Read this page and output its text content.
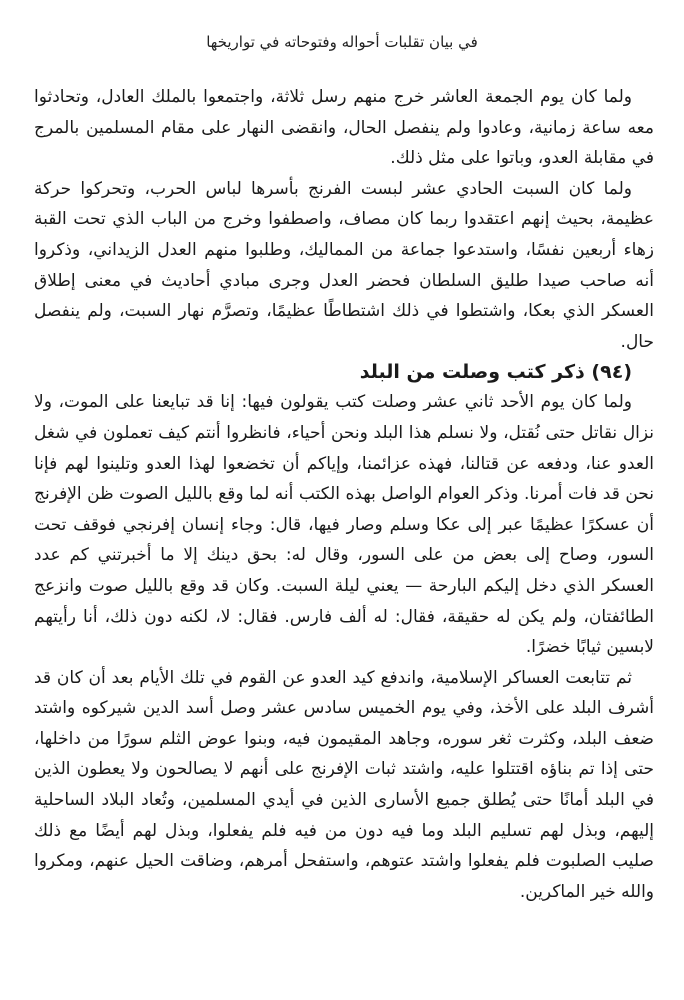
في بيان تقلبات أحواله وفتوحاته في تواريخها

ولما كان يوم الجمعة العاشر خرج منهم رسل ثلاثة، واجتمعوا بالملك العادل، وتحادثوا معه ساعة زمانية، وعادوا ولم ينفصل الحال، وانقضى النهار على مقام المسلمين بالمرج في مقابلة العدو، وباتوا على مثل ذلك.

ولما كان السبت الحادي عشر لبست الفرنج بأسرها لباس الحرب، وتحركوا حركة عظيمة، بحيث إنهم اعتقدوا ربما كان مصاف، واصطفوا وخرج من الباب الذي تحت القبة زهاء أربعين نفسًا، واستدعوا جماعة من المماليك، وطلبوا منهم العدل الزيداني، وذكروا أنه صاحب صيدا طليق السلطان فحضر العدل وجرى مبادي أحاديث في معنى إطلاق العسكر الذي بعكا، واشتطوا في ذلك اشتطاطًا عظيمًا، وتصرَّم نهار السبت، ولم ينفصل حال.

(٩٤) ذكر كتب وصلت من البلد

ولما كان يوم الأحد ثاني عشر وصلت كتب يقولون فيها: إنا قد تبايعنا على الموت، ولا نزال نقاتل حتى نُقتل، ولا نسلم هذا البلد ونحن أحياء، فانظروا أنتم كيف تعملون في شغل العدو عنا، ودفعه عن قتالنا، فهذه عزائمنا، وإياكم أن تخضعوا لهذا العدو وتلينوا لهم فإنا نحن قد فات أمرنا. وذكر العوام الواصل بهذه الكتب أنه لما وقع بالليل الصوت ظن الإفرنج أن عسكرًا عظيمًا عبر إلى عكا وسلم وصار فيها، قال: وجاء إنسان إفرنجي فوقف تحت السور، وصاح إلى بعض من على السور، وقال له: بحق دينك إلا ما أخبرتني كم عدد العسكر الذي دخل إليكم البارحة — يعني ليلة السبت. وكان قد وقع بالليل صوت وانزعج الطائفتان، ولم يكن له حقيقة، فقال: له ألف فارس. فقال: لا، لكنه دون ذلك، أنا رأيتهم لابسين ثيابًا خضرًا.

ثم تتابعت العساكر الإسلامية، واندفع كيد العدو عن القوم في تلك الأيام بعد أن كان قد أشرف البلد على الأخذ، وفي يوم الخميس سادس عشر وصل أسد الدين شيركوه واشتد ضعف البلد، وكثرت ثغر سوره، وجاهد المقيمون فيه، وبنوا عوض الثلم سورًا من داخلها، حتى إذا تم بناؤه اقتتلوا عليه، واشتد ثبات الإفرنج على أنهم لا يصالحون ولا يعطون الذين في البلد أمانًا حتى يُطلق جميع الأسارى الذين في أيدي المسلمين، وتُعاد البلاد الساحلية إليهم، وبذل لهم تسليم البلد وما فيه دون من فيه فلم يفعلوا، وبذل لهم أيضًا مع ذلك صليب الصلبوت فلم يفعلوا واشتد عتوهم، واستفحل أمرهم، وضاقت الحيل عنهم، ومكروا والله خير الماكرين.
